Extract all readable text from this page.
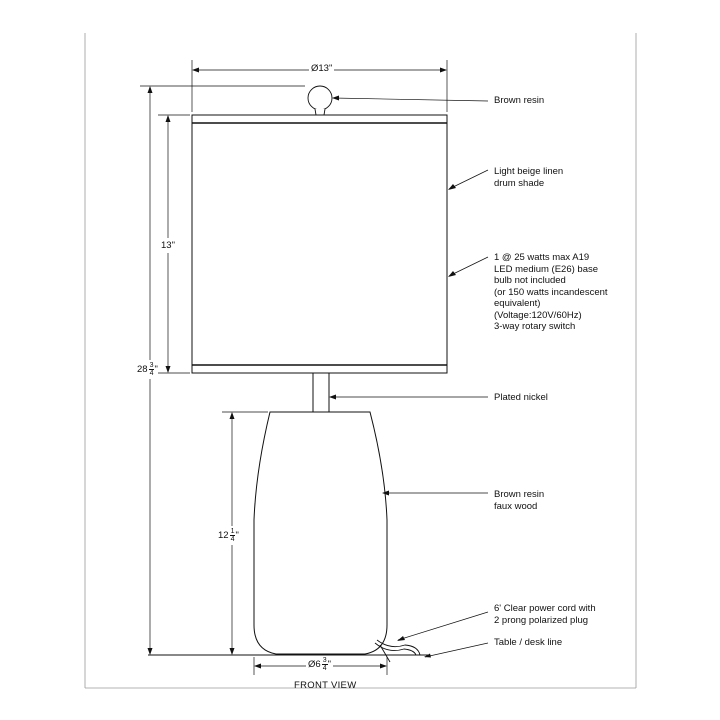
Ø13"
13"
$28 \frac{3}{4}$ "
$12 \frac{1}{4}$ "
Ø6 $\frac{3}{4}$ "
Brown resin
Light beige linen
drum shade
1 @ 25 watts max A19
LED medium (E26) base
bulb not included
(or 150 watts incandescent
equivalent)
(Voltage:120V/60Hz)
3-way rotary switch
Plated nickel
Brown resin
faux wood
6' Clear power cord with
2 prong polarized plug
Table / desk line
FRONT VIEW
